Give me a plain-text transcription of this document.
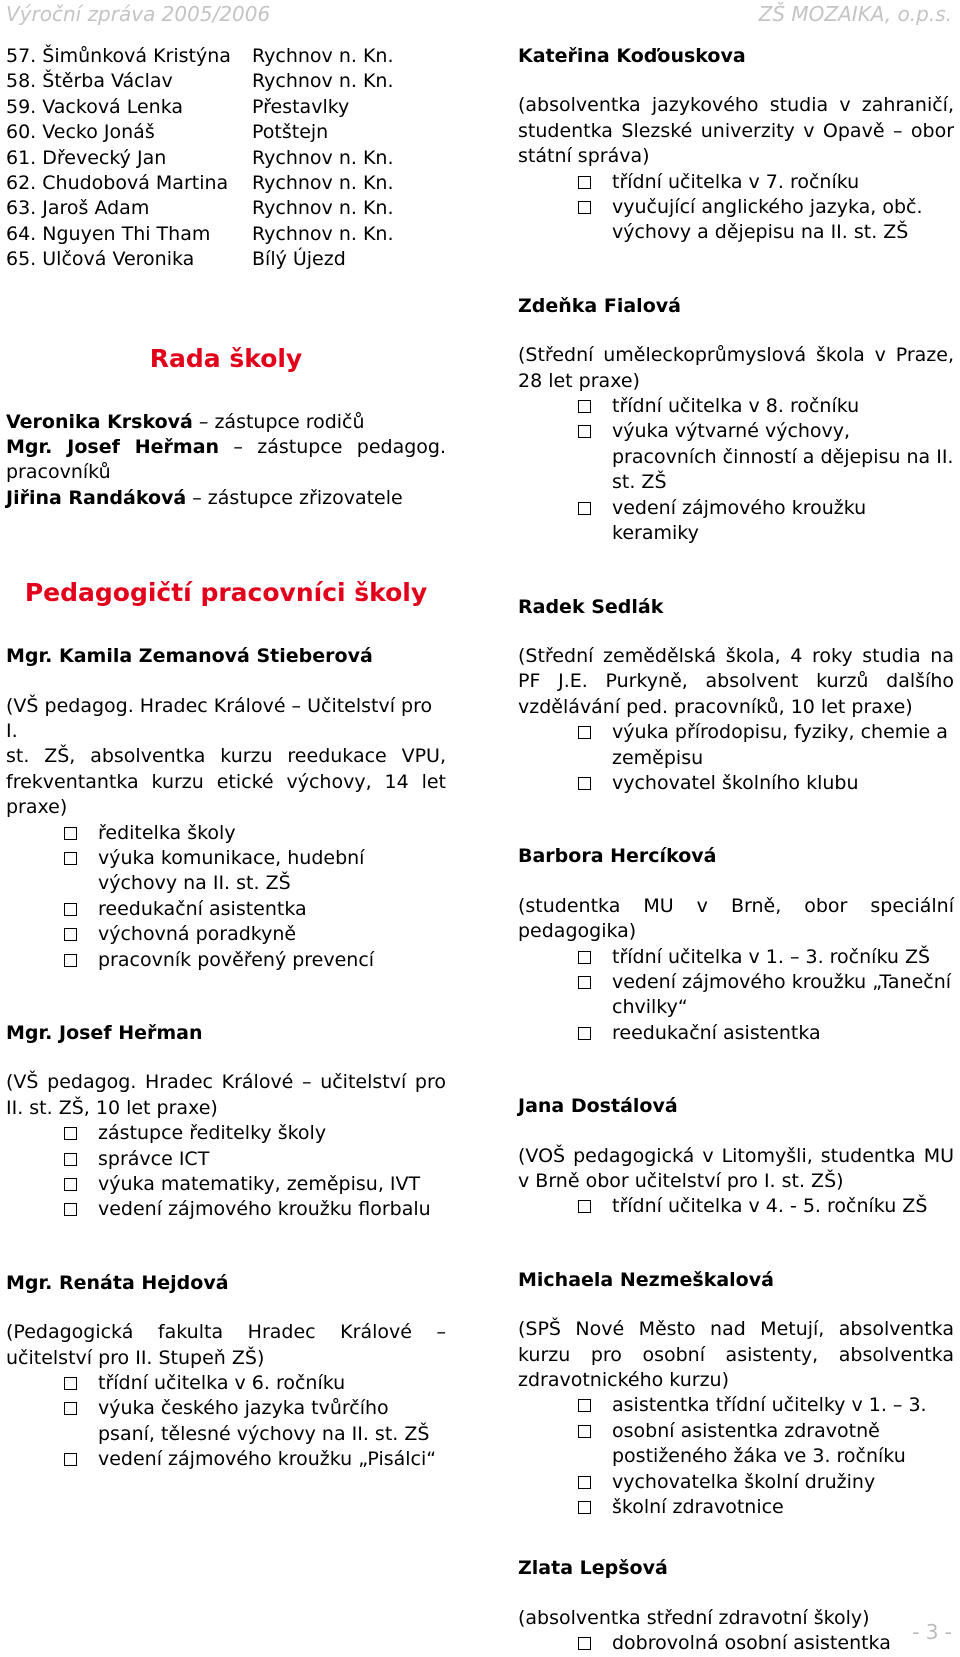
Výroční zpráva 2005/2006	ZŠ MOZAIKA, o.p.s.
57. Šimůnková Kristýna	Rychnov n. Kn.
58. Štěrba Václav	Rychnov n. Kn.
59. Vacková Lenka	Přestavlky
60. Vecko Jonáš	Potštejn
61. Dřevecký Jan	Rychnov n. Kn.
62. Chudobová Martina	Rychnov n. Kn.
63. Jaroš Adam	Rychnov n. Kn.
64. Nguyen Thi Tham	Rychnov n. Kn.
65. Ulčová Veronika	Bílý Újezd
Rada školy
Veronika Krsková – zástupce rodičů
Mgr. Josef Heřman – zástupce pedagog.
pracovníků
Jiřina Randáková – zástupce zřizovatele
Pedagogičtí pracovníci školy
Mgr. Kamila Zemanová Stieberová
(VŠ pedagog. Hradec Králové – Učitelství pro I.
st. ZŠ, absolventka kurzu reedukace VPU, frekventantka kurzu etické výchovy, 14 let praxe)
ředitelka školy
výuka komunikace, hudební výchovy na II. st. ZŠ
reedukační asistentka
výchovná poradkyně
pracovník pověřený prevencí
Mgr. Josef Heřman
(VŠ pedagog. Hradec Králové – učitelství pro II. st. ZŠ, 10 let praxe)
zástupce ředitelky školy
správce ICT
výuka matematiky, zeměpisu, IVT
vedení zájmového kroužku florbalu
Mgr. Renáta Hejdová
(Pedagogická fakulta Hradec Králové – učitelství pro II. Stupeň ZŠ)
třídní učitelka v 6. ročníku
výuka českého jazyka tvůrčího psaní, tělesné výchovy na II. st. ZŠ
vedení zájmového kroužku „Pisálci“
Kateřina Koďouskova
(absolventka jazykového studia v zahraničí, studentka Slezské univerzity v Opavě – obor státní správa)
třídní učitelka v 7. ročníku
vyučující anglického jazyka, obč. výchovy a dějepisu na II. st. ZŠ
Zdeňka Fialová
(Střední uměleckoprůmyslová škola v Praze, 28 let praxe)
třídní učitelka v 8. ročníku
výuka výtvarné výchovy, pracovních činností a dějepisu na II. st. ZŠ
vedení zájmového kroužku keramiky
Radek Sedlák
(Střední zemědělská škola, 4 roky studia na PF J.E. Purkyně, absolvent kurzů dalšího vzdělávání ped. pracovníků, 10 let praxe)
výuka přírodopisu, fyziky, chemie a zeměpisu
vychovatel školního klubu
Barbora Hercíková
(studentka MU v Brně, obor speciální pedagogika)
třídní učitelka v 1. – 3. ročníku ZŠ
vedení zájmového kroužku „Taneční chvilky“
reedukační asistentka
Jana Dostálová
(VOŠ pedagogická v Litomyšli, studentka MU v Brně obor učitelství pro I. st. ZŠ)
třídní učitelka v 4. - 5. ročníku ZŠ
Michaela Nezmeškalová
(SPŠ Nové Město nad Metují, absolventka kurzu pro osobní asistenty, absolventka zdravotnického kurzu)
asistentka třídní učitelky v 1. – 3.
osobní asistentka zdravotně postiženého žáka ve 3. ročníku
vychovatelka školní družiny
školní zdravotnice
Zlata Lepšová
(absolventka střední zdravotní školy)
dobrovolná osobní asistentka	- 3 -
